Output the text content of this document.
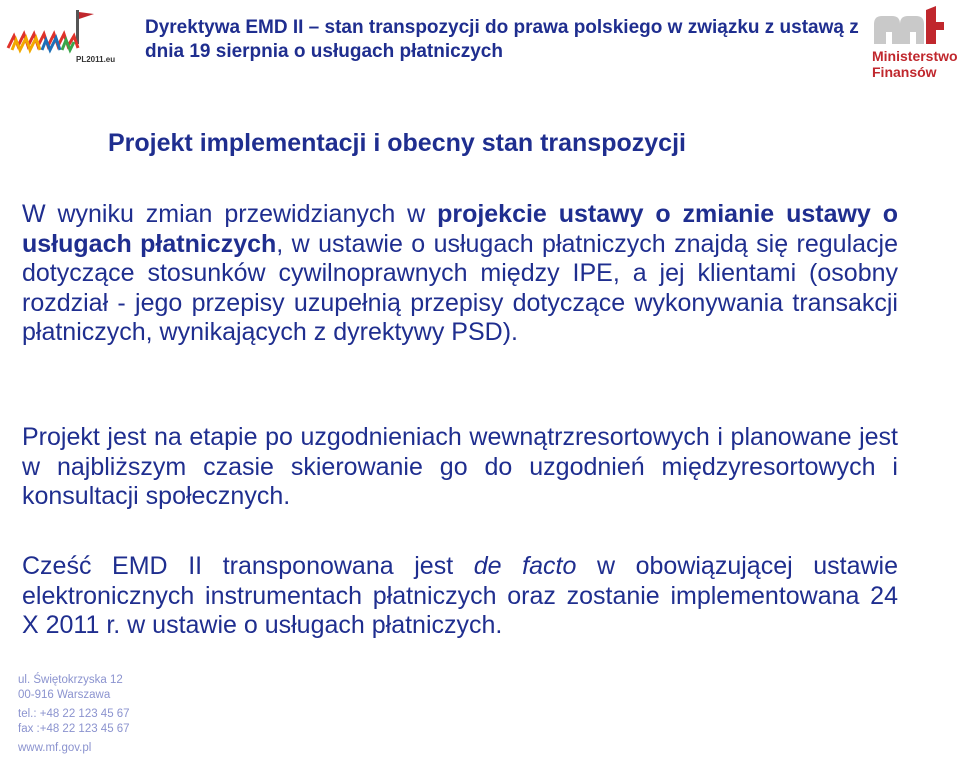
PL2011.eu	Ministerstwo
Finansów
Dyrektywa EMD II – stan transpozycji do prawa polskiego w związku z ustawą z dnia 19 sierpnia o usługach płatniczych
Projekt implementacji i obecny stan transpozycji
W wyniku zmian przewidzianych w projekcie ustawy o zmianie ustawy o usługach płatniczych, w ustawie o usługach płatniczych znajdą się regulacje dotyczące stosunków cywilnoprawnych między IPE, a jej klientami (osobny rozdział - jego przepisy uzupełnią przepisy dotyczące wykonywania transakcji płatniczych, wynikających z dyrektywy PSD).
Projekt jest na etapie po uzgodnieniach wewnątrzresortowych i planowane jest w najbliższym czasie skierowanie go do uzgodnień międzyresortowych i konsultacji społecznych.
Cześć EMD II transponowana jest de facto w obowiązującej ustawie elektronicznych instrumentach płatniczych oraz zostanie implementowana 24 X 2011 r. w ustawie o usługach płatniczych.
ul. Świętokrzyska 12
00-916 Warszawa
tel.: +48 22 123 45 67
fax :+48 22 123 45 67
www.mf.gov.pl
